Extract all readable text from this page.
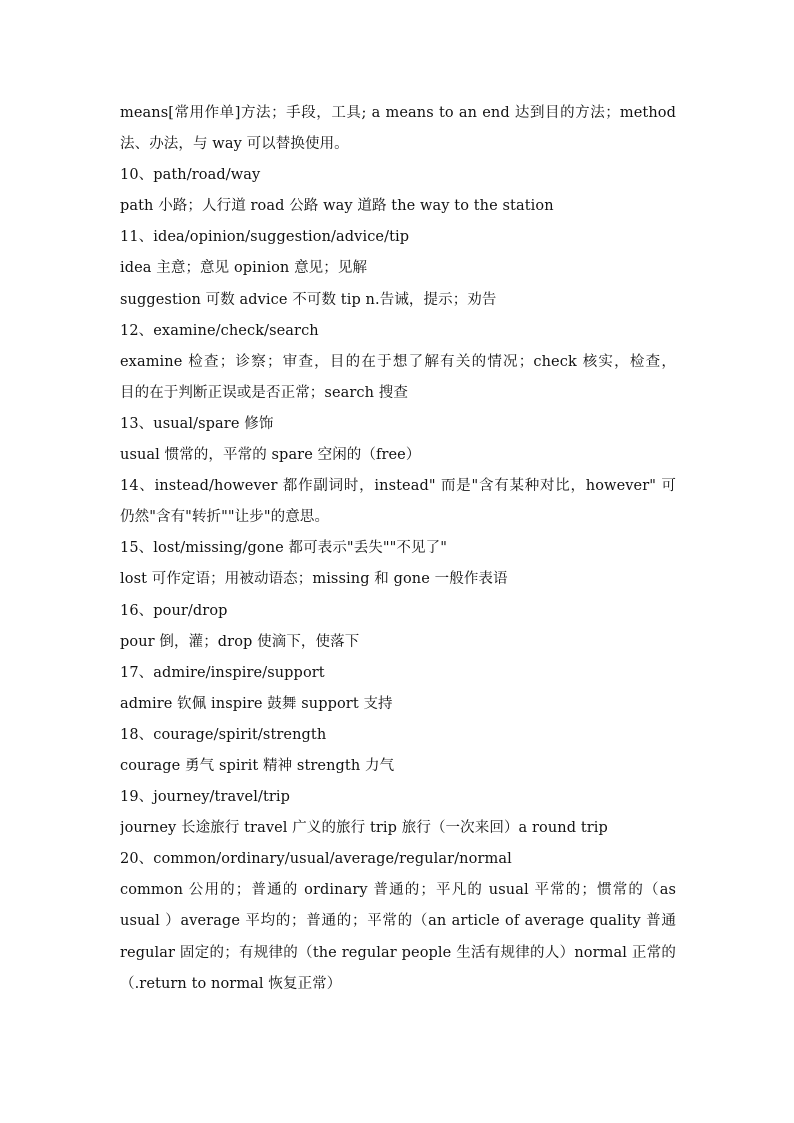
means[常用作单]方法；手段，工具; a means to an end 达到目的方法；method
法、办法，与 way 可以替换使用。
10、path/road/way
path 小路；人行道 road 公路 way 道路 the way to the station
11、idea/opinion/suggestion/advice/tip
idea 主意；意见 opinion 意见；见解
suggestion 可数 advice 不可数 tip n.告诫，提示；劝告
12、examine/check/search
examine 检查；诊察；审查，目的在于想了解有关的情况；check 核实，检查，
目的在于判断正误或是否正常；search 搜查
13、usual/spare 修饰
usual 惯常的，平常的 spare 空闲的（free）
14、instead/however 都作副词时，instead" 而是"含有某种对比，however" 可
仍然"含有"转折""让步"的意思。
15、lost/missing/gone 都可表示"丢失""不见了"
lost 可作定语；用被动语态；missing 和 gone 一般作表语
16、pour/drop
pour 倒，灌；drop 使滴下，使落下
17、admire/inspire/support
admire 钦佩 inspire 鼓舞 support 支持
18、courage/spirit/strength
courage 勇气 spirit 精神 strength 力气
19、journey/travel/trip
journey 长途旅行 travel 广义的旅行 trip 旅行（一次来回）a round trip
20、common/ordinary/usual/average/regular/normal
common 公用的；普通的 ordinary 普通的；平凡的 usual 平常的；惯常的（as
usual ）average 平均的；普通的；平常的（an article of average quality 普通
regular 固定的；有规律的（the regular people 生活有规律的人）normal 正常的
（.return to normal 恢复正常）
